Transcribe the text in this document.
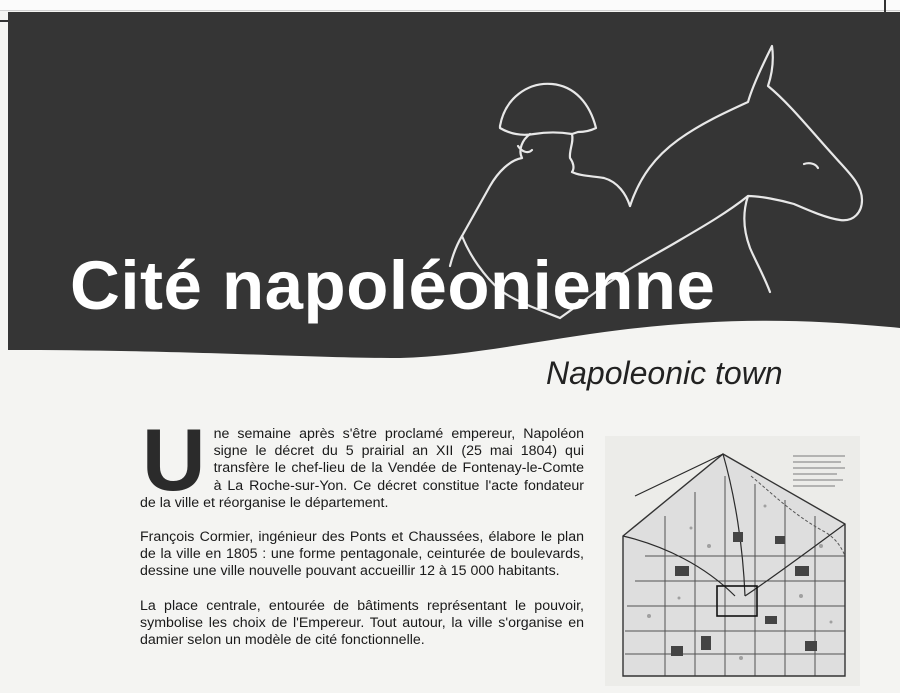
Cité napoléonienne
Napoleonic town

Une semaine après s'être proclamé empereur, Napoléon signe le décret du 5 prairial an XII (25 mai 1804) qui transfère le chef-lieu de la Vendée de Fontenay-le-Comte à La Roche-sur-Yon. Ce décret constitue l'acte fondateur de la ville et réorganise le département.

François Cormier, ingénieur des Ponts et Chaussées, élabore le plan de la ville en 1805 : une forme pentagonale, ceinturée de boulevards, dessine une ville nouvelle pouvant accueillir 12 à 15 000 habitants.

La place centrale, entourée de bâtiments représentant le pouvoir, symbolise les choix de l'Empereur. Tout autour, la ville s'organise en damier selon un modèle de cité fonctionnelle.
